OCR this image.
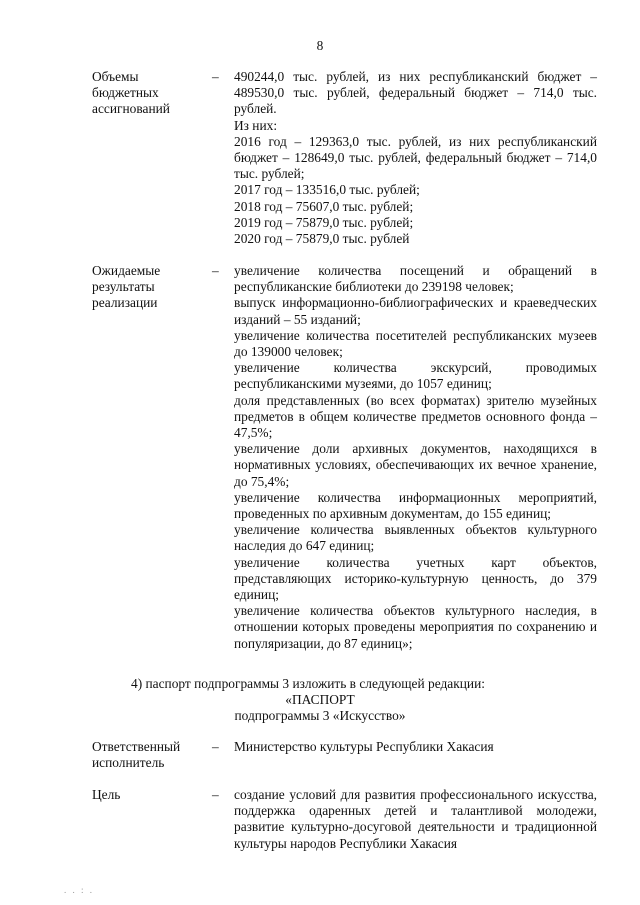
8
Объемы
бюджетных
ассигнований
– 490244,0 тыс. рублей, из них республиканский бюджет – 489530,0 тыс. рублей, федеральный бюджет – 714,0 тыс. рублей.

Из них:

2016 год – 129363,0 тыс. рублей, из них республиканский бюджет – 128649,0 тыс. рублей, федеральный бюджет – 714,0 тыс. рублей;

2017 год – 133516,0 тыс. рублей;

2018 год – 75607,0 тыс. рублей;

2019 год – 75879,0 тыс. рублей;

2020 год – 75879,0 тыс. рублей

Ожидаемые
результаты
реализации
– увеличение количества посещений и обращений в республиканские библиотеки до 239198 человек;

выпуск информационно-библиографических и краеведческих изданий – 55 изданий;

увеличение количества посетителей республиканских музеев до 139000 человек;

увеличение количества экскурсий, проводимых республиканскими музеями, до 1057 единиц;

доля представленных (во всех форматах) зрителю музейных предметов в общем количестве предметов основного фонда – 47,5%;

увеличение доли архивных документов, находящихся в нормативных условиях, обеспечивающих их вечное хранение, до 75,4%;

увеличение количества информационных мероприятий, проведенных по архивным документам, до 155 единиц;

увеличение количества выявленных объектов культурного наследия до 647 единиц;

увеличение количества учетных карт объектов, представляющих историко-культурную ценность, до 379 единиц;

увеличение количества объектов культурного наследия, в отношении которых проведены мероприятия по сохранению и популяризации, до 87 единиц»;

4) паспорт подпрограммы 3 изложить в следующей редакции:
«ПАСПОРТ
подпрограммы 3 «Искусство»
Ответственный
исполнитель
– Министерство культуры Республики Хакасия
Цель	– создание условий для развития профессионального искусства, поддержка одаренных детей и талантливой молодежи, развитие культурно-досуговой деятельности и традиционной культуры народов Республики Хакасия

. . : .
